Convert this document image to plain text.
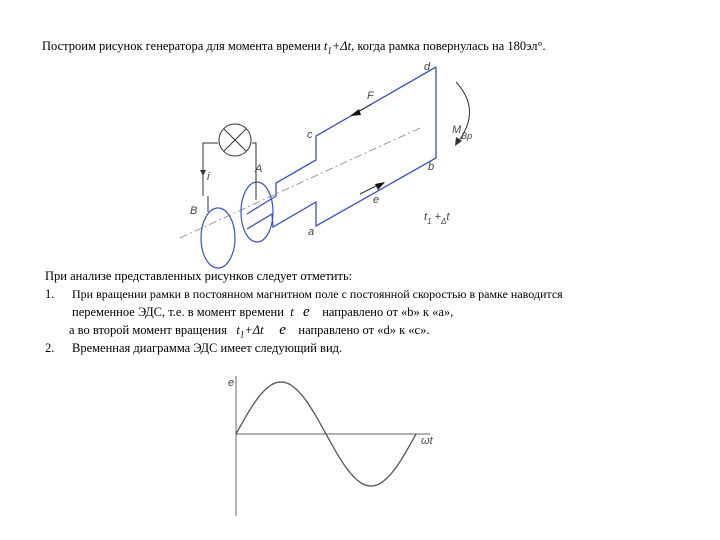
Построим рисунок генератора для момента времени $t_1+\Delta t$, когда рамка повернулась на 180эл°.
d
c
b
a
F
e
A
i
B
$M_{Вр}$
$t_1 +_\Delta t$
При анализе представленных рисунков следует отметить:
1. При вращении рамки в постоянном магнитном поле с постоянной скоростью в рамке наводится
переменное ЭДС, т.е. в момент времени t e направлено от «b» к «a»,
а во второй момент вращения $t_1+\Delta t$ e направлено от «d» к «c».
2. Временная диаграмма ЭДС имеет следующий вид.
e
ωt
